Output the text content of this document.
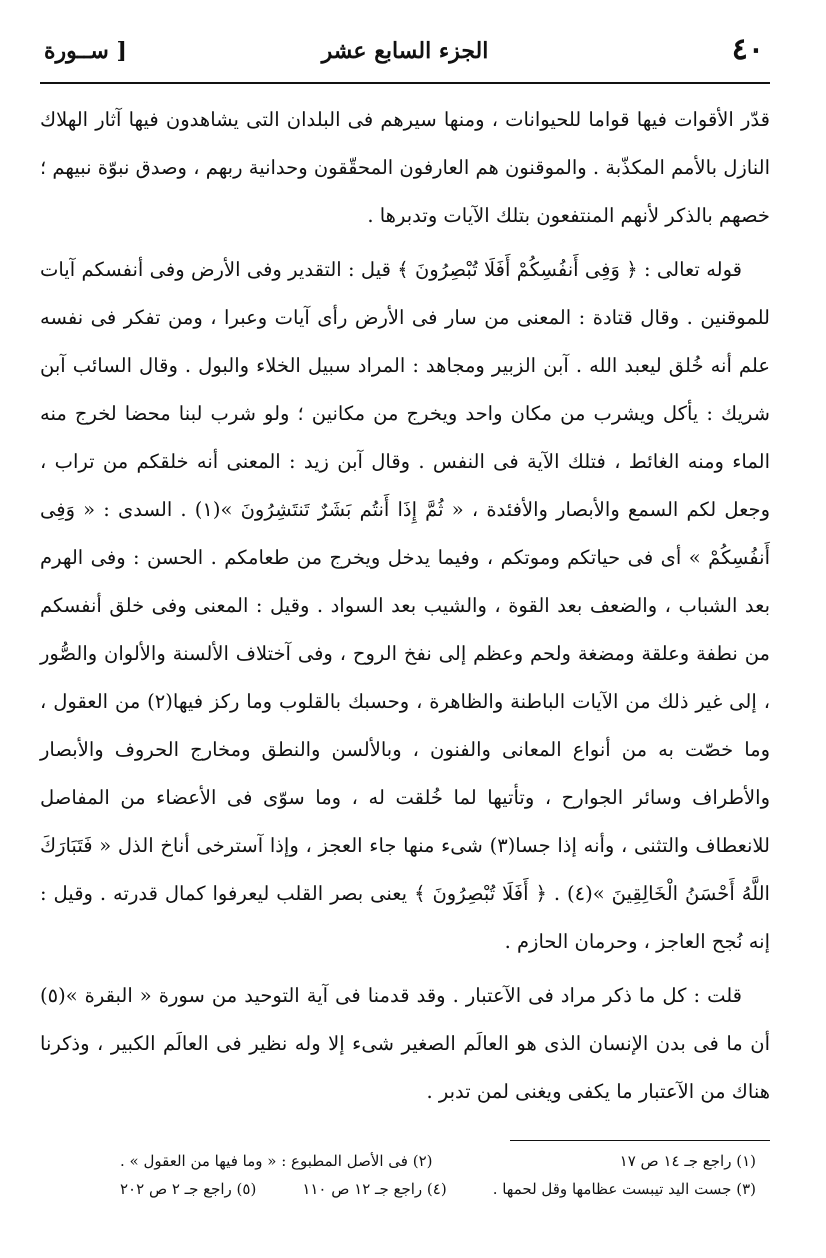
٤٠
الجزء السابع عشر
[ ســورة

قدّر الأقوات فيها قواما للحيوانات ، ومنها سيرهم فى البلدان التى يشاهدون فيها آثار الهلاك النازل بالأمم المكذّبة . والموقنون هم العارفون المحقّقون وحدانية ربهم ، وصدق نبوّة نبيهم ؛ خصهم بالذكر لأنهم المنتفعون بتلك الآيات وتدبرها .

قوله تعالى : ﴿ وَفِى أَنفُسِكُمْ أَفَلَا تُبْصِرُونَ ﴾ قيل : التقدير وفى الأرض وفى أنفسكم آيات للموقنين . وقال قتادة : المعنى من سار فى الأرض رأى آيات وعبرا ، ومن تفكر فى نفسه علم أنه خُلق ليعبد الله . آبن الزبير ومجاهد : المراد سبيل الخلاء والبول . وقال السائب آبن شريك : يأكل ويشرب من مكان واحد ويخرج من مكانين ؛ ولو شرب لبنا محضا لخرج منه الماء ومنه الغائط ، فتلك الآية فى النفس . وقال آبن زيد : المعنى أنه خلقكم من تراب ، وجعل لكم السمع والأبصار والأفئدة ، « ثُمَّ إِذَا أَنتُم بَشَرٌ تَنتَشِرُونَ »(١) . السدى : « وَفِى أَنفُسِكُمْ » أى فى حياتكم وموتكم ، وفيما يدخل ويخرج من طعامكم . الحسن : وفى الهرم بعد الشباب ، والضعف بعد القوة ، والشيب بعد السواد . وقيل : المعنى وفى خلق أنفسكم من نطفة وعلقة ومضغة ولحم وعظم إلى نفخ الروح ، وفى آختلاف الألسنة والألوان والصُّور ، إلى غير ذلك من الآيات الباطنة والظاهرة ، وحسبك بالقلوب وما ركز فيها(٢) من العقول ، وما خصّت به من أنواع المعانى والفنون ، وبالألسن والنطق ومخارج الحروف والأبصار والأطراف وسائر الجوارح ، وتأتيها لما خُلقت له ، وما سوّى فى الأعضاء من المفاصل للانعطاف والتثنى ، وأنه إذا جسا(٣) شىء منها جاء العجز ، وإذا آسترخى أناخ الذل « فَتَبَارَكَ اللَّهُ أَحْسَنُ الْخَالِقِينَ »(٤) . ﴿ أَفَلَا تُبْصِرُونَ ﴾ يعنى بصر القلب ليعرفوا كمال قدرته . وقيل : إنه نُجح العاجز ، وحرمان الحازم .

قلت : كل ما ذكر مراد فى الآعتبار . وقد قدمنا فى آية التوحيد من سورة « البقرة »(٥) أن ما فى بدن الإنسان الذى هو العالَم الصغير شىء إلا وله نظير فى العالَم الكبير ، وذكرنا هناك من الآعتبار ما يكفى ويغنى لمن تدبر .

(١) راجع جـ ١٤ ص ١٧
(٢) فى الأصل المطبوع : « وما فيها من العقول » .
(٣) جست اليد تيبست عظامها وقل لحمها .
(٤) راجع جـ ١٢ ص ١١٠
(٥) راجع جـ ٢ ص ٢٠٢
